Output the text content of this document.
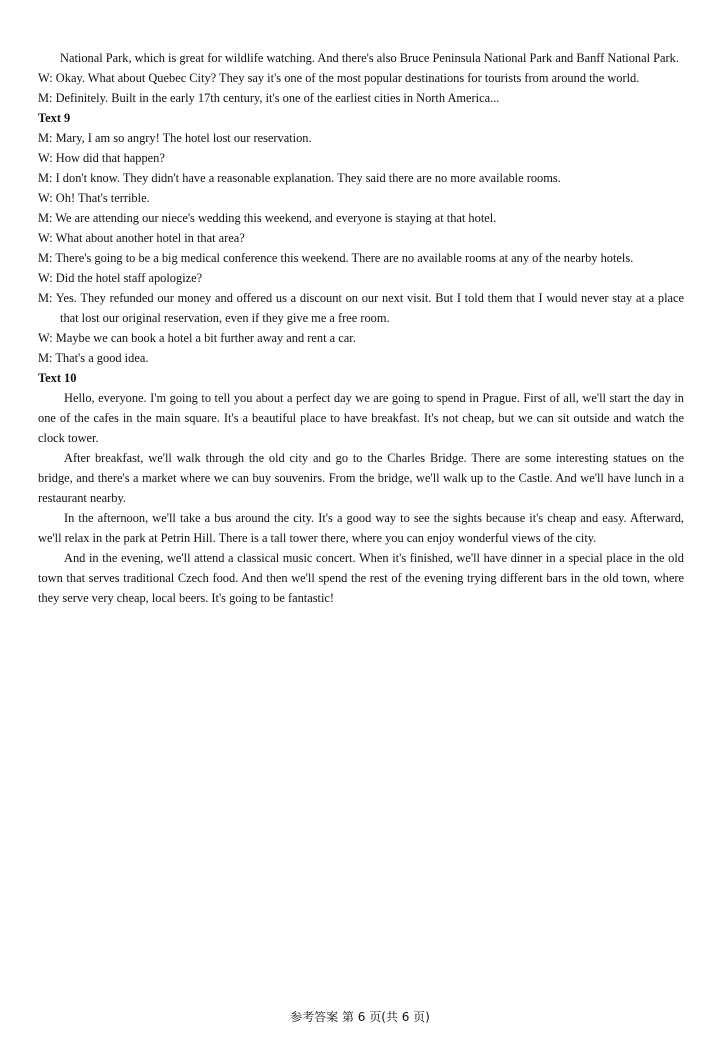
National Park, which is great for wildlife watching. And there's also Bruce Peninsula National Park and Banff National Park.
W: Okay. What about Quebec City? They say it's one of the most popular destinations for tourists from around the world.
M: Definitely. Built in the early 17th century, it's one of the earliest cities in North America...
Text 9
M: Mary, I am so angry! The hotel lost our reservation.
W: How did that happen?
M: I don't know. They didn't have a reasonable explanation. They said there are no more available rooms.
W: Oh! That's terrible.
M: We are attending our niece's wedding this weekend, and everyone is staying at that hotel.
W: What about another hotel in that area?
M: There's going to be a big medical conference this weekend. There are no available rooms at any of the nearby hotels.
W: Did the hotel staff apologize?
M: Yes. They refunded our money and offered us a discount on our next visit. But I told them that I would never stay at a place that lost our original reservation, even if they give me a free room.
W: Maybe we can book a hotel a bit further away and rent a car.
M: That's a good idea.
Text 10
Hello, everyone. I'm going to tell you about a perfect day we are going to spend in Prague. First of all, we'll start the day in one of the cafes in the main square. It's a beautiful place to have breakfast. It's not cheap, but we can sit outside and watch the clock tower.
After breakfast, we'll walk through the old city and go to the Charles Bridge. There are some interesting statues on the bridge, and there's a market where we can buy souvenirs. From the bridge, we'll walk up to the Castle. And we'll have lunch in a restaurant nearby.
In the afternoon, we'll take a bus around the city. It's a good way to see the sights because it's cheap and easy. Afterward, we'll relax in the park at Petrin Hill. There is a tall tower there, where you can enjoy wonderful views of the city.
And in the evening, we'll attend a classical music concert. When it's finished, we'll have dinner in a special place in the old town that serves traditional Czech food. And then we'll spend the rest of the evening trying different bars in the old town, where they serve very cheap, local beers. It's going to be fantastic!
参考答案 第 6 页(共 6 页)
